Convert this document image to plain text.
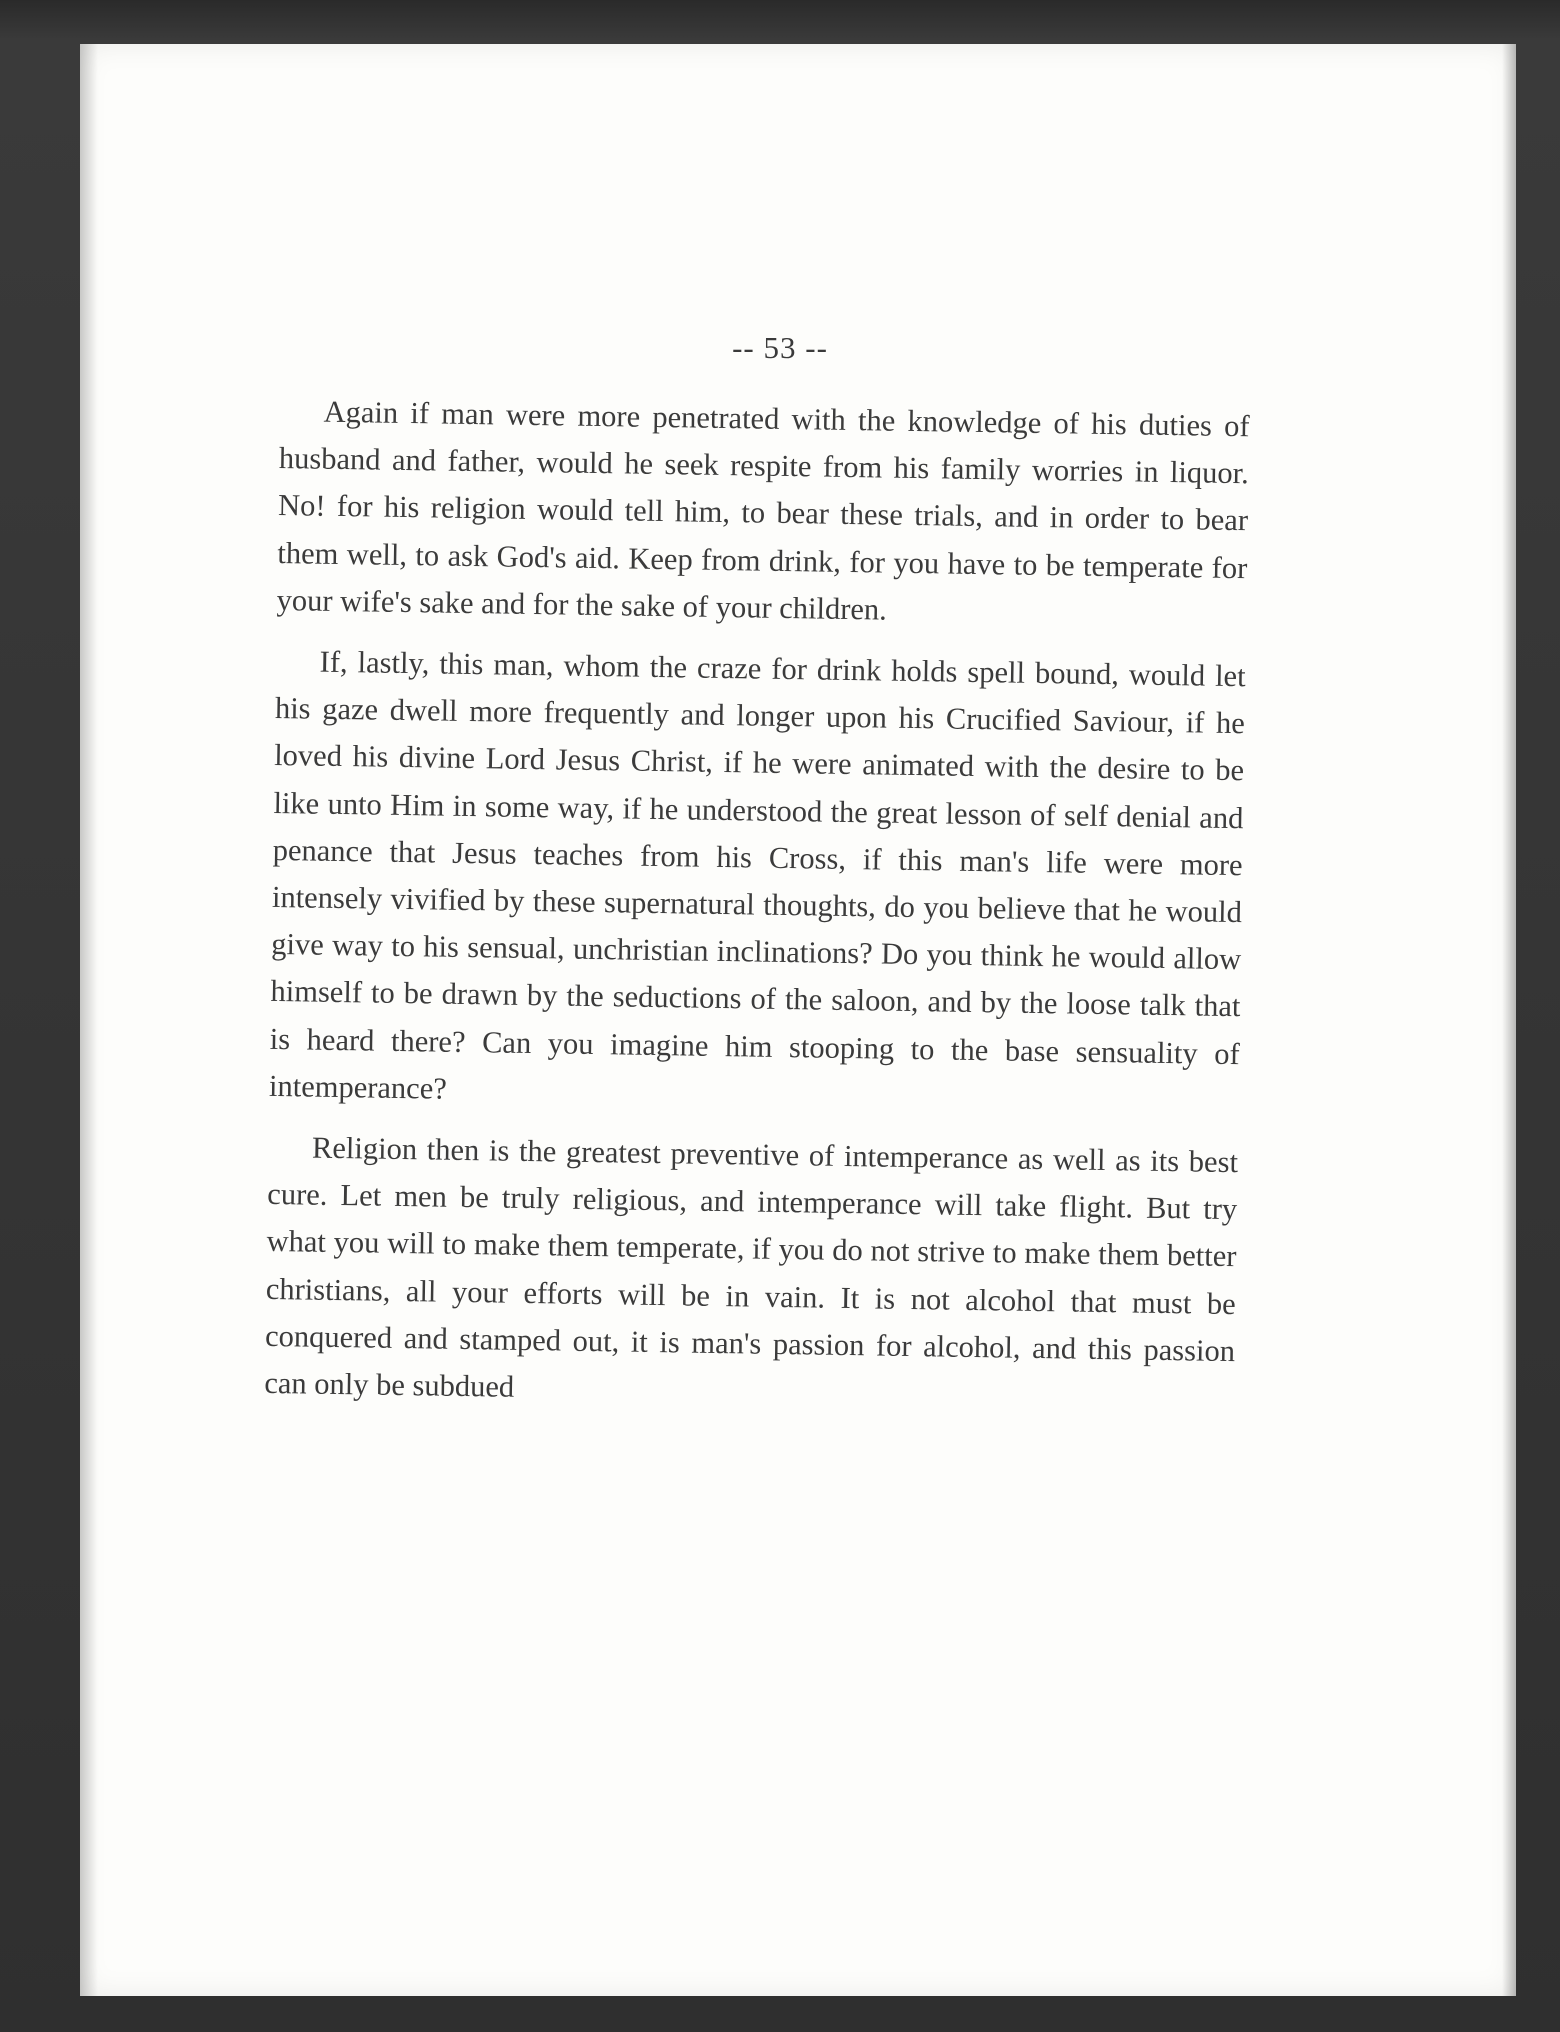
-- 53 --

Again if man were more penetrated with the knowledge of his duties of husband and father, would he seek respite from his family worries in liquor. No! for his religion would tell him, to bear these trials, and in order to bear them well, to ask God's aid. Keep from drink, for you have to be temperate for your wife's sake and for the sake of your children.

If, lastly, this man, whom the craze for drink holds spell bound, would let his gaze dwell more frequently and longer upon his Crucified Saviour, if he loved his divine Lord Jesus Christ, if he were animated with the desire to be like unto Him in some way, if he understood the great lesson of self denial and penance that Jesus teaches from his Cross, if this man's life were more intensely vivified by these supernatural thoughts, do you believe that he would give way to his sensual, unchristian inclinations? Do you think he would allow himself to be drawn by the seductions of the saloon, and by the loose talk that is heard there? Can you imagine him stooping to the base sensuality of intemperance?

Religion then is the greatest preventive of intemperance as well as its best cure. Let men be truly religious, and intemperance will take flight. But try what you will to make them temperate, if you do not strive to make them better christians, all your efforts will be in vain. It is not alcohol that must be conquered and stamped out, it is man's passion for alcohol, and this passion can only be subdued
